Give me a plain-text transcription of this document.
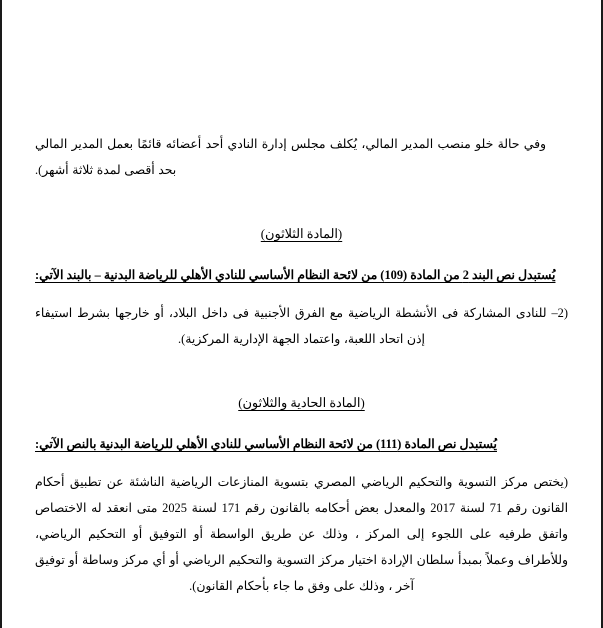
وفي حالة خلو منصب المدير المالي، يُكلف مجلس إدارة النادي أحد أعضائه قائمًا بعمل المدير المالي بحد أقصى لمدة ثلاثة أشهر).

(المادة الثلاثون)

يُستبدل نص البند 2 من المادة (109) من لائحة النظام الأساسي للنادي الأهلي للرياضة البدنية – بالبند الآتي:

(2– للنادى المشاركة فى الأنشطة الرياضية مع الفرق الأجنبية فى داخل البلاد، أو خارجها بشرط استيفاء إذن اتحاد اللعبة، واعتماد الجهة الإدارية المركزية).

(المادة الحادية والثلاثون)

يُستبدل نص المادة (111) من لائحة النظام الأساسي للنادي الأهلي للرياضة البدنية بالنص الآتي:

(يختص مركز التسوية والتحكيم الرياضي المصري بتسوية المنازعات الرياضية الناشئة عن تطبيق أحكام القانون رقم 71 لسنة 2017 والمعدل بعض أحكامه بالقانون رقم 171 لسنة 2025 متى انعقد له الاختصاص واتفق طرفيه على اللجوء إلى المركز ، وذلك عن طريق الواسطة أو التوفيق أو التحكيم الرياضي، وللأطراف وعملاً بمبدأ سلطان الإرادة اختيار مركز التسوية والتحكيم الرياضي أو أي مركز وساطة أو توفيق آخر ، وذلك على وفق ما جاء بأحكام القانون).
